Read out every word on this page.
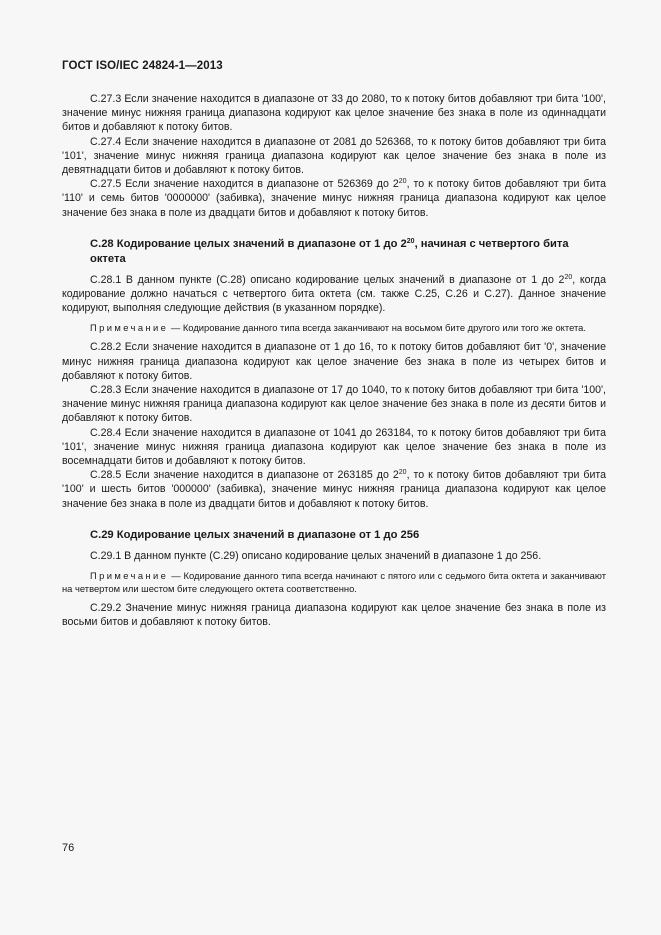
ГОСТ ISO/IEC 24824-1—2013

C.27.3 Если значение находится в диапазоне от 33 до 2080, то к потоку битов добавляют три бита '100', значение минус нижняя граница диапазона кодируют как целое значение без знака в поле из одиннадцати битов и добавляют к потоку битов.

C.27.4 Если значение находится в диапазоне от 2081 до 526368, то к потоку битов добавляют три бита '101', значение минус нижняя граница диапазона кодируют как целое значение без знака в поле из девятнадцати битов и добавляют к потоку битов.

C.27.5 Если значение находится в диапазоне от 526369 до $2^{20}$, то к потоку битов добавляют три бита '110' и семь битов '0000000' (забивка), значение минус нижняя граница диапазона кодируют как целое значение без знака в поле из двадцати битов и добавляют к потоку битов.

C.28 Кодирование целых значений в диапазоне от 1 до $2^{20}$, начиная с четвертого бита октета

C.28.1 В данном пункте (C.28) описано кодирование целых значений в диапазоне от 1 до $2^{20}$, когда кодирование должно начаться с четвертого бита октета (см. также C.25, C.26 и C.27). Данное значение кодируют, выполняя следующие действия (в указанном порядке).

Примечание — Кодирование данного типа всегда заканчивают на восьмом бите другого или того же октета.

C.28.2 Если значение находится в диапазоне от 1 до 16, то к потоку битов добавляют бит '0', значение минус нижняя граница диапазона кодируют как целое значение без знака в поле из четырех битов и добавляют к потоку битов.

C.28.3 Если значение находится в диапазоне от 17 до 1040, то к потоку битов добавляют три бита '100', значение минус нижняя граница диапазона кодируют как целое значение без знака в поле из десяти битов и добавляют к потоку битов.

C.28.4 Если значение находится в диапазоне от 1041 до 263184, то к потоку битов добавляют три бита '101', значение минус нижняя граница диапазона кодируют как целое значение без знака в поле из восемнадцати битов и добавляют к потоку битов.

C.28.5 Если значение находится в диапазоне от 263185 до $2^{20}$, то к потоку битов добавляют три бита '100' и шесть битов '000000' (забивка), значение минус нижняя граница диапазона кодируют как целое значение без знака в поле из двадцати битов и добавляют к потоку битов.

C.29 Кодирование целых значений в диапазоне от 1 до 256

C.29.1 В данном пункте (C.29) описано кодирование целых значений в диапазоне 1 до 256.

Примечание — Кодирование данного типа всегда начинают с пятого или с седьмого бита октета и заканчивают на четвертом или шестом бите следующего октета соответственно.

C.29.2 Значение минус нижняя граница диапазона кодируют как целое значение без знака в поле из восьми битов и добавляют к потоку битов.

76
